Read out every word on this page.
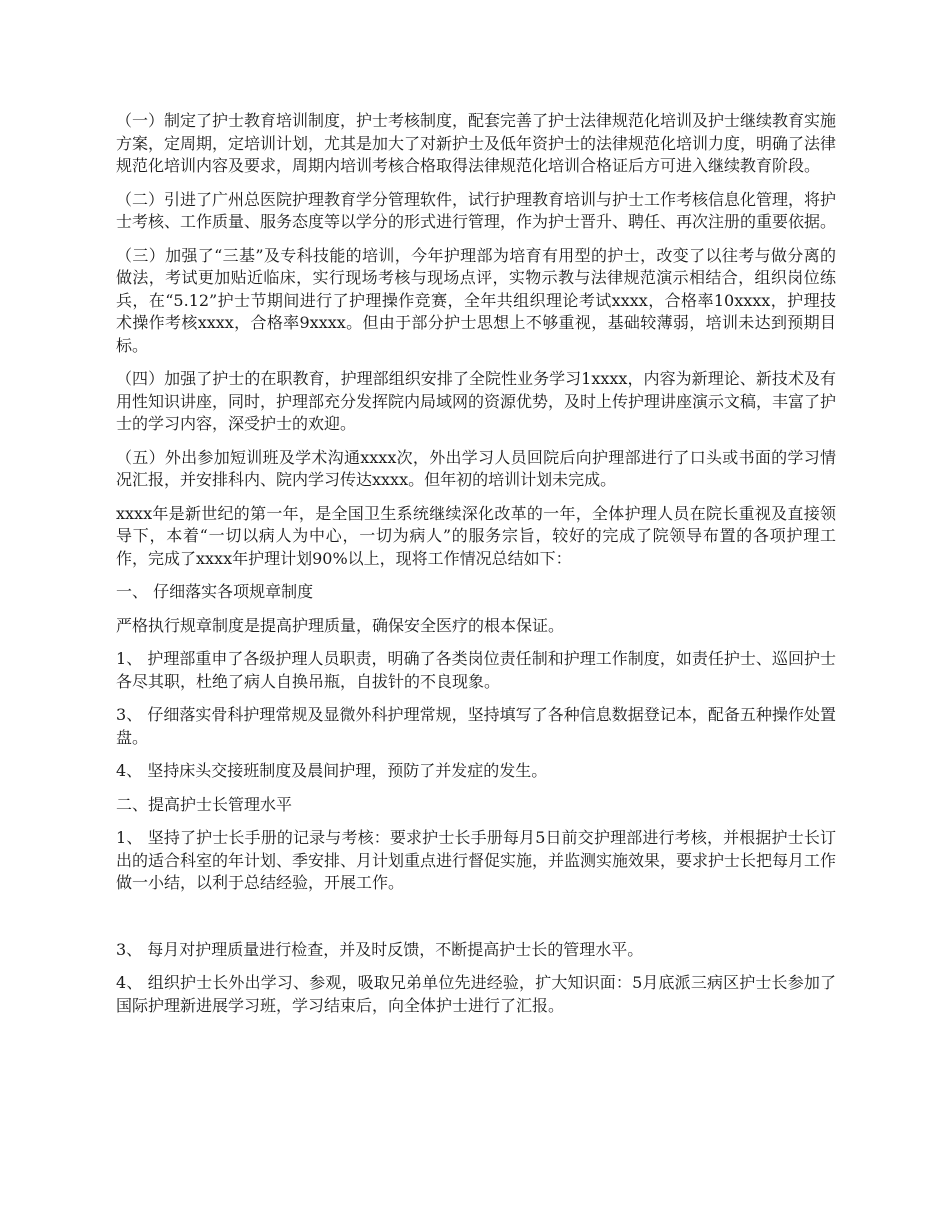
（一）制定了护士教育培训制度，护士考核制度，配套完善了护士法律规范化培训及护士继续教育实施方案，定周期，定培训计划，尤其是加大了对新护士及低年资护士的法律规范化培训力度，明确了法律规范化培训内容及要求，周期内培训考核合格取得法律规范化培训合格证后方可进入继续教育阶段。

（二）引进了广州总医院护理教育学分管理软件，试行护理教育培训与护士工作考核信息化管理，将护士考核、工作质量、服务态度等以学分的形式进行管理，作为护士晋升、聘任、再次注册的重要依据。

（三）加强了“三基”及专科技能的培训，今年护理部为培育有用型的护士，改变了以往考与做分离的做法，考试更加贴近临床，实行现场考核与现场点评，实物示教与法律规范演示相结合，组织岗位练兵，在“5.12”护士节期间进行了护理操作竞赛，全年共组织理论考试xxxx，合格率10xxxx，护理技术操作考核xxxx，合格率9xxxx。但由于部分护士思想上不够重视，基础较薄弱，培训未达到预期目标。

（四）加强了护士的在职教育，护理部组织安排了全院性业务学习1xxxx，内容为新理论、新技术及有用性知识讲座，同时，护理部充分发挥院内局域网的资源优势，及时上传护理讲座演示文稿，丰富了护士的学习内容，深受护士的欢迎。

（五）外出参加短训班及学术沟通xxxx次，外出学习人员回院后向护理部进行了口头或书面的学习情况汇报，并安排科内、院内学习传达xxxx。但年初的培训计划未完成。

xxxx年是新世纪的第一年，是全国卫生系统继续深化改革的一年，全体护理人员在院长重视及直接领导下，本着“一切以病人为中心，一切为病人”的服务宗旨，较好的完成了院领导布置的各项护理工作，完成了xxxx年护理计划90%以上，现将工作情况总结如下：

一、 仔细落实各项规章制度

严格执行规章制度是提高护理质量，确保安全医疗的根本保证。

1、 护理部重申了各级护理人员职责，明确了各类岗位责任制和护理工作制度，如责任护士、巡回护士各尽其职，杜绝了病人自换吊瓶，自拔针的不良现象。

3、 仔细落实骨科护理常规及显微外科护理常规，坚持填写了各种信息数据登记本，配备五种操作处置盘。

4、 坚持床头交接班制度及晨间护理，预防了并发症的发生。

二、提高护士长管理水平

1、 坚持了护士长手册的记录与考核：要求护士长手册每月5日前交护理部进行考核，并根据护士长订出的适合科室的年计划、季安排、月计划重点进行督促实施，并监测实施效果，要求护士长把每月工作做一小结，以利于总结经验，开展工作。

3、 每月对护理质量进行检查，并及时反馈，不断提高护士长的管理水平。

4、 组织护士长外出学习、参观，吸取兄弟单位先进经验，扩大知识面：5月底派三病区护士长参加了国际护理新进展学习班，学习结束后，向全体护士进行了汇报。
